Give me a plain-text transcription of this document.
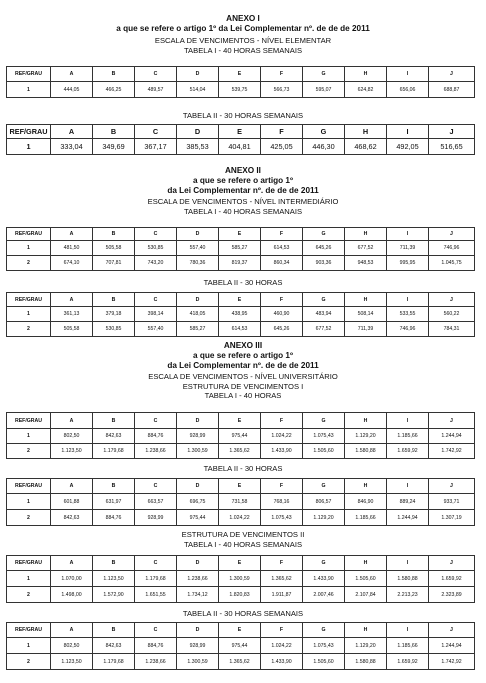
ANEXO I
a que se refere o artigo 1º da Lei Complementar nº. de de de 2011
ESCALA DE VENCIMENTOS - NÍVEL ELEMENTAR
TABELA I - 40 HORAS SEMANAIS
REF/GRAU	A	B	C	D	E	F	G	H	I	J
1	444,05	466,25	489,57	514,04	539,75	566,73	595,07	624,82	656,06	688,87
TABELA II - 30 HORAS SEMANAIS
REF/GRAU	A	B	C	D	E	F	G	H	I	J
1	333,04	349,69	367,17	385,53	404,81	425,05	446,30	468,62	492,05	516,65
ANEXO II
a que se refere o artigo 1º
da Lei Complementar nº. de de de 2011
ESCALA DE VENCIMENTOS - NÍVEL INTERMEDIÁRIO
TABELA I - 40 HORAS SEMANAIS
REF/GRAU	A	B	C	D	E	F	G	H	I	J
1	481,50	505,58	530,85	557,40	585,27	614,53	645,26	677,52	711,39	746,96
2	674,10	707,81	743,20	780,36	819,37	860,34	903,36	948,53	995,95	1.045,75
TABELA II - 30 HORAS
REF/GRAU	A	B	C	D	E	F	G	H	I	J
1	361,13	379,18	398,14	418,05	438,95	460,90	483,94	508,14	533,55	560,22
2	505,58	530,85	557,40	585,27	614,53	645,26	677,52	711,39	746,96	784,31
ANEXO III
a que se refere o artigo 1º
da Lei Complementar nº. de de de 2011
ESCALA DE VENCIMENTOS - NÍVEL UNIVERSITÁRIO
ESTRUTURA DE VENCIMENTOS I
TABELA I - 40 HORAS
REF/GRAU	A	B	C	D	E	F	G	H	I	J
1	802,50	842,63	884,76	928,99	975,44	1.024,22	1.075,43	1.129,20	1.185,66	1.244,94
2	1.123,50	1.179,68	1.238,66	1.300,59	1.365,62	1.433,90	1.505,60	1.580,88	1.659,92	1.742,92
TABELA II - 30 HORAS
REF/GRAU	A	B	C	D	E	F	G	H	I	J
1	601,88	631,97	663,57	696,75	731,58	768,16	806,57	846,90	889,24	933,71
2	842,63	884,76	928,99	975,44	1.024,22	1.075,43	1.129,20	1.185,66	1.244,94	1.307,19
ESTRUTURA DE VENCIMENTOS II
TABELA I - 40 HORAS SEMANAIS
REF/GRAU	A	B	C	D	E	F	G	H	I	J
1	1.070,00	1.123,50	1.179,68	1.238,66	1.300,59	1.365,62	1.433,90	1.505,60	1.580,88	1.659,92
2	1.498,00	1.572,90	1.651,55	1.734,12	1.820,83	1.911,87	2.007,46	2.107,84	2.213,23	2.323,89
TABELA II - 30 HORAS SEMANAIS
REF/GRAU	A	B	C	D	E	F	G	H	I	J
1	802,50	842,63	884,76	928,99	975,44	1.024,22	1.075,43	1.129,20	1.185,66	1.244,94
2	1.123,50	1.179,68	1.238,66	1.300,59	1.365,62	1.433,90	1.505,60	1.580,88	1.659,92	1.742,92
